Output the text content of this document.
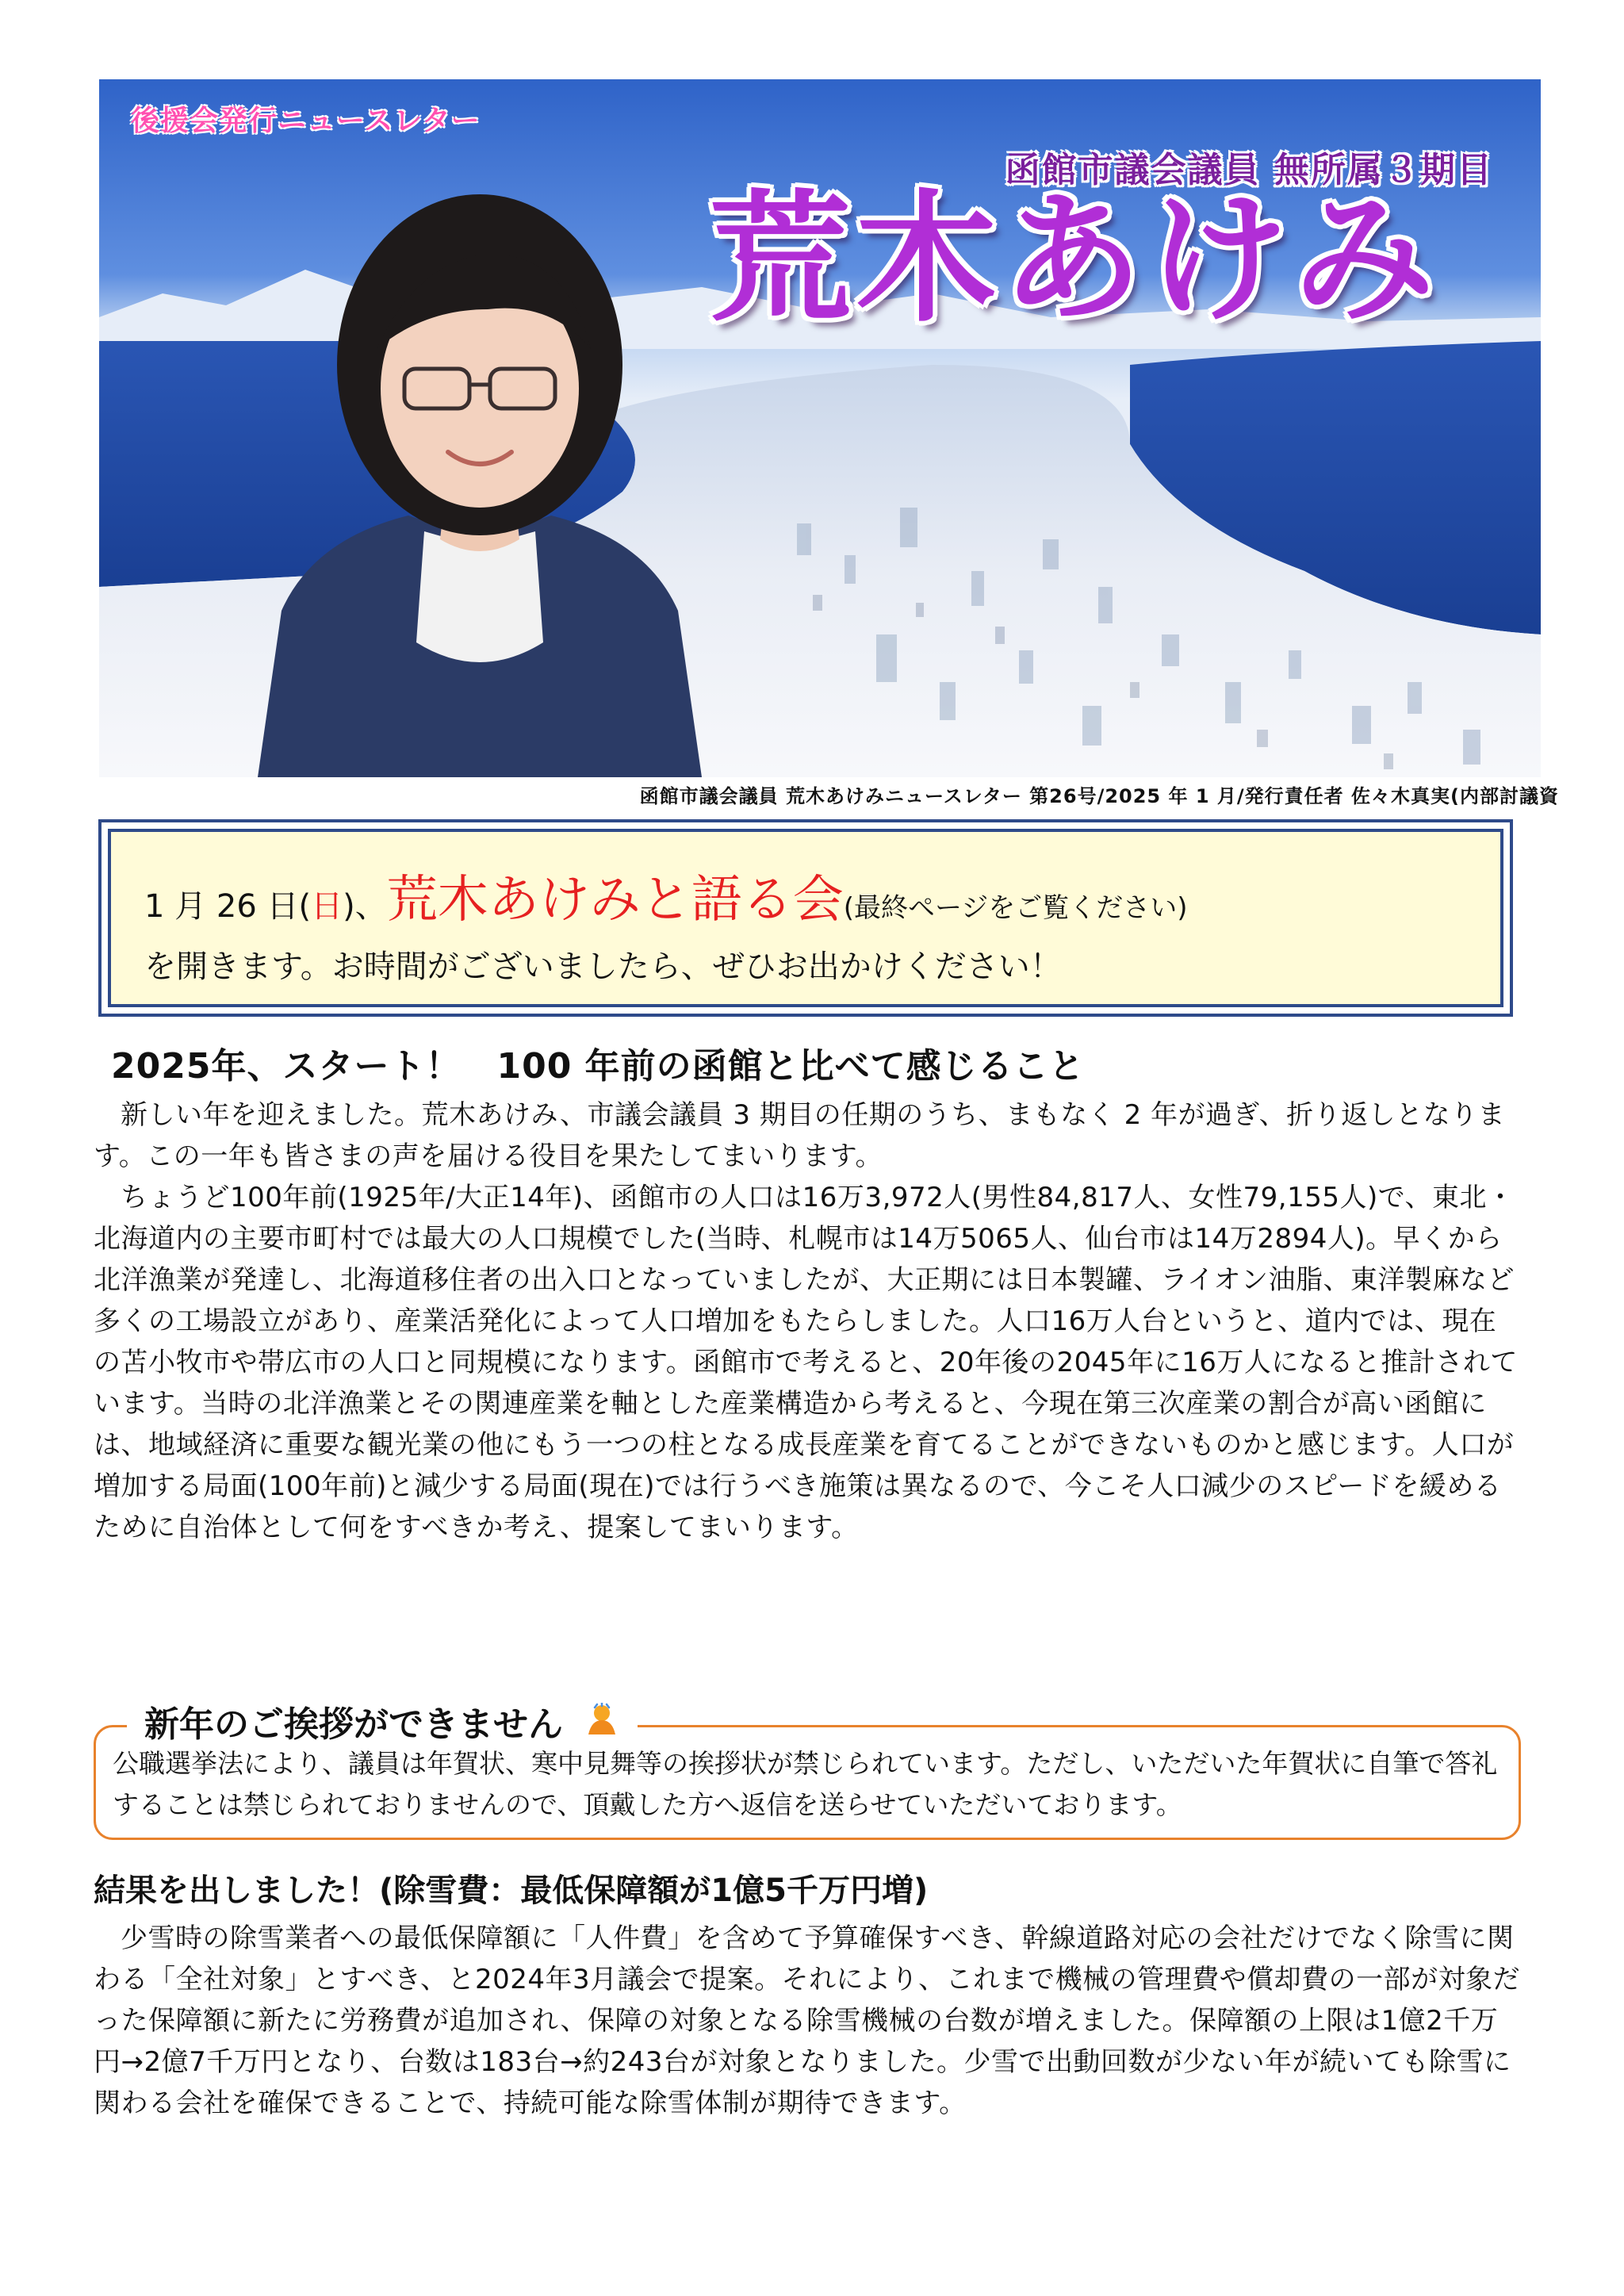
後援会発行ニュースレター
函館市議会議員 無所属３期目
荒木あけみ
函館市議会議員 荒木あけみニュースレター 第26号/2025 年 1 月/発行責任者 佐々木真実(内部討議資
1 月 26 日(日)、荒木あけみと語る会(最終ページをご覧ください)
を開きます。お時間がございましたら、ぜひお出かけください！
2025年、スタート！　100 年前の函館と比べて感じること

新しい年を迎えました。荒木あけみ、市議会議員 3 期目の任期のうち、まもなく 2 年が過ぎ、折り返しとなります。この一年も皆さまの声を届ける役目を果たしてまいります。

ちょうど100年前(1925年/大正14年)、函館市の人口は16万3,972人(男性84,817人、女性79,155人)で、東北・北海道内の主要市町村では最大の人口規模でした(当時、札幌市は14万5065人、仙台市は14万2894人)。早くから北洋漁業が発達し、北海道移住者の出入口となっていましたが、大正期には日本製罐、ライオン油脂、東洋製麻など多くの工場設立があり、産業活発化によって人口増加をもたらしました。人口16万人台というと、道内では、現在の苫小牧市や帯広市の人口と同規模になります。函館市で考えると、20年後の2045年に16万人になると推計されています。当時の北洋漁業とその関連産業を軸とした産業構造から考えると、今現在第三次産業の割合が高い函館には、地域経済に重要な観光業の他にもう一つの柱となる成長産業を育てることができないものかと感じます。人口が増加する局面(100年前)と減少する局面(現在)では行うべき施策は異なるので、今こそ人口減少のスピードを緩めるために自治体として何をすべきか考え、提案してまいります。

新年のご挨拶ができません
公職選挙法により、議員は年賀状、寒中見舞等の挨拶状が禁じられています。ただし、いただいた年賀状に自筆で答礼することは禁じられておりませんので、頂戴した方へ返信を送らせていただいております。
結果を出しました！(除雪費：最低保障額が1億5千万円増)

少雪時の除雪業者への最低保障額に「人件費」を含めて予算確保すべき、幹線道路対応の会社だけでなく除雪に関わる「全社対象」とすべき、と2024年3月議会で提案。それにより、これまで機械の管理費や償却費の一部が対象だった保障額に新たに労務費が追加され、保障の対象となる除雪機械の台数が増えました。保障額の上限は1億2千万円→2億7千万円となり、台数は183台→約243台が対象となりました。少雪で出動回数が少ない年が続いても除雪に関わる会社を確保できることで、持続可能な除雪体制が期待できます。
